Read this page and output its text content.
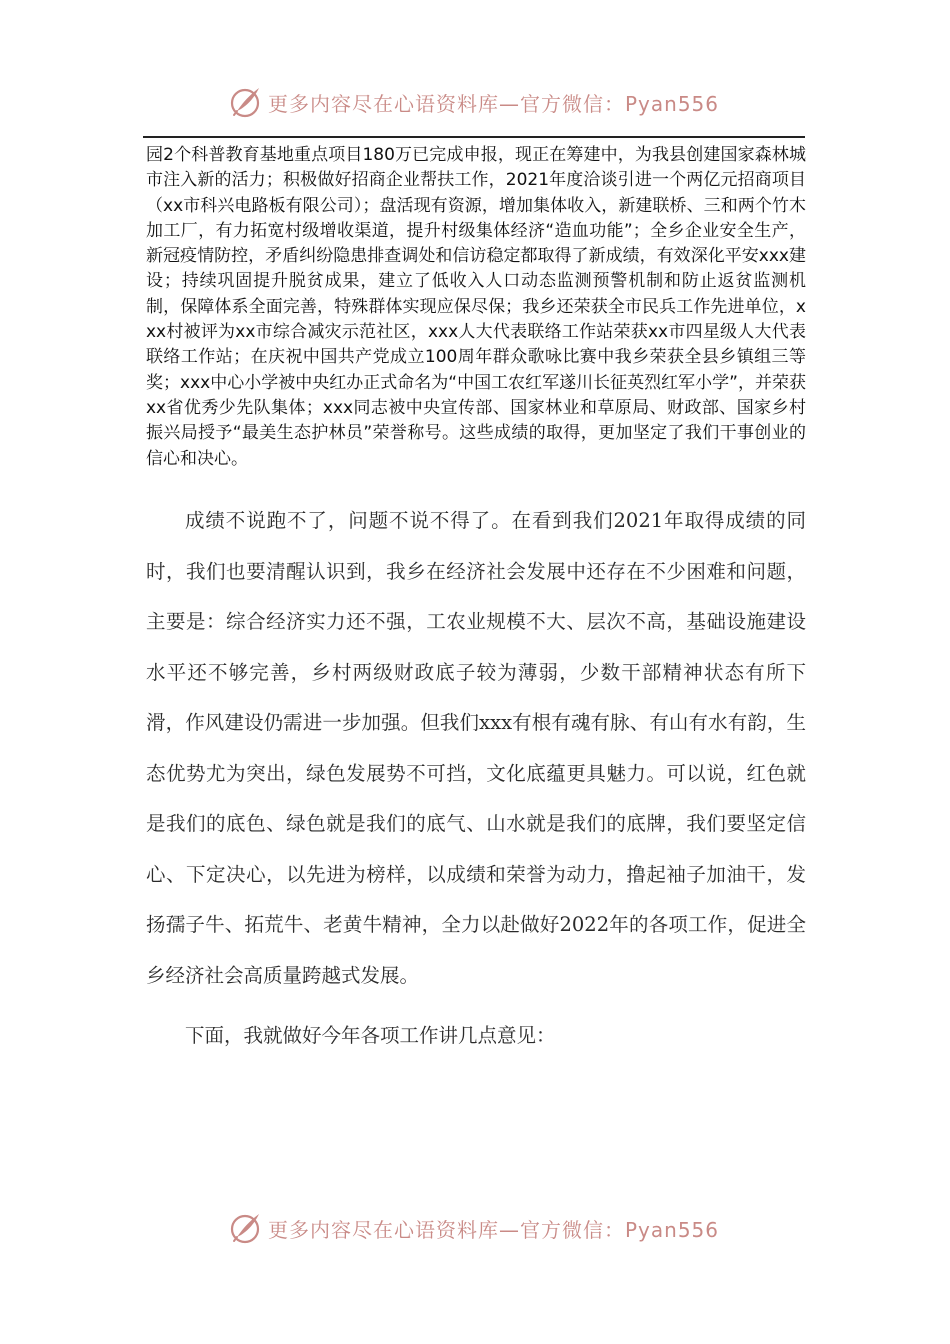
更多内容尽在心语资料库—官方微信：Pyan556

园2个科普教育基地重点项目180万已完成申报，现正在筹建中，为我县创建国家森林城市注入新的活力；积极做好招商企业帮扶工作，2021年度洽谈引进一个两亿元招商项目（xx市科兴电路板有限公司）；盘活现有资源，增加集体收入，新建联桥、三和两个竹木加工厂，有力拓宽村级增收渠道，提升村级集体经济“造血功能”；全乡企业安全生产，新冠疫情防控，矛盾纠纷隐患排查调处和信访稳定都取得了新成绩，有效深化平安xxx建设；持续巩固提升脱贫成果，建立了低收入人口动态监测预警机制和防止返贫监测机制，保障体系全面完善，特殊群体实现应保尽保；我乡还荣获全市民兵工作先进单位，xxx村被评为xx市综合减灾示范社区，xxx人大代表联络工作站荣获xx市四星级人大代表联络工作站；在庆祝中国共产党成立100周年群众歌咏比赛中我乡荣获全县乡镇组三等奖；xxx中心小学被中央红办正式命名为“中国工农红军遂川长征英烈红军小学”，并荣获xx省优秀少先队集体；xxx同志被中央宣传部、国家林业和草原局、财政部、国家乡村振兴局授予“最美生态护林员”荣誉称号。这些成绩的取得，更加坚定了我们干事创业的信心和决心。

成绩不说跑不了，问题不说不得了。在看到我们2021年取得成绩的同时，我们也要清醒认识到，我乡在经济社会发展中还存在不少困难和问题，主要是：综合经济实力还不强，工农业规模不大、层次不高，基础设施建设水平还不够完善，乡村两级财政底子较为薄弱，少数干部精神状态有所下滑，作风建设仍需进一步加强。但我们xxx有根有魂有脉、有山有水有韵，生态优势尤为突出，绿色发展势不可挡，文化底蕴更具魅力。可以说，红色就是我们的底色、绿色就是我们的底气、山水就是我们的底牌，我们要坚定信心、下定决心，以先进为榜样，以成绩和荣誉为动力，撸起袖子加油干，发扬孺子牛、拓荒牛、老黄牛精神，全力以赴做好2022年的各项工作，促进全乡经济社会高质量跨越式发展。

下面，我就做好今年各项工作讲几点意见：

更多内容尽在心语资料库—官方微信：Pyan556
